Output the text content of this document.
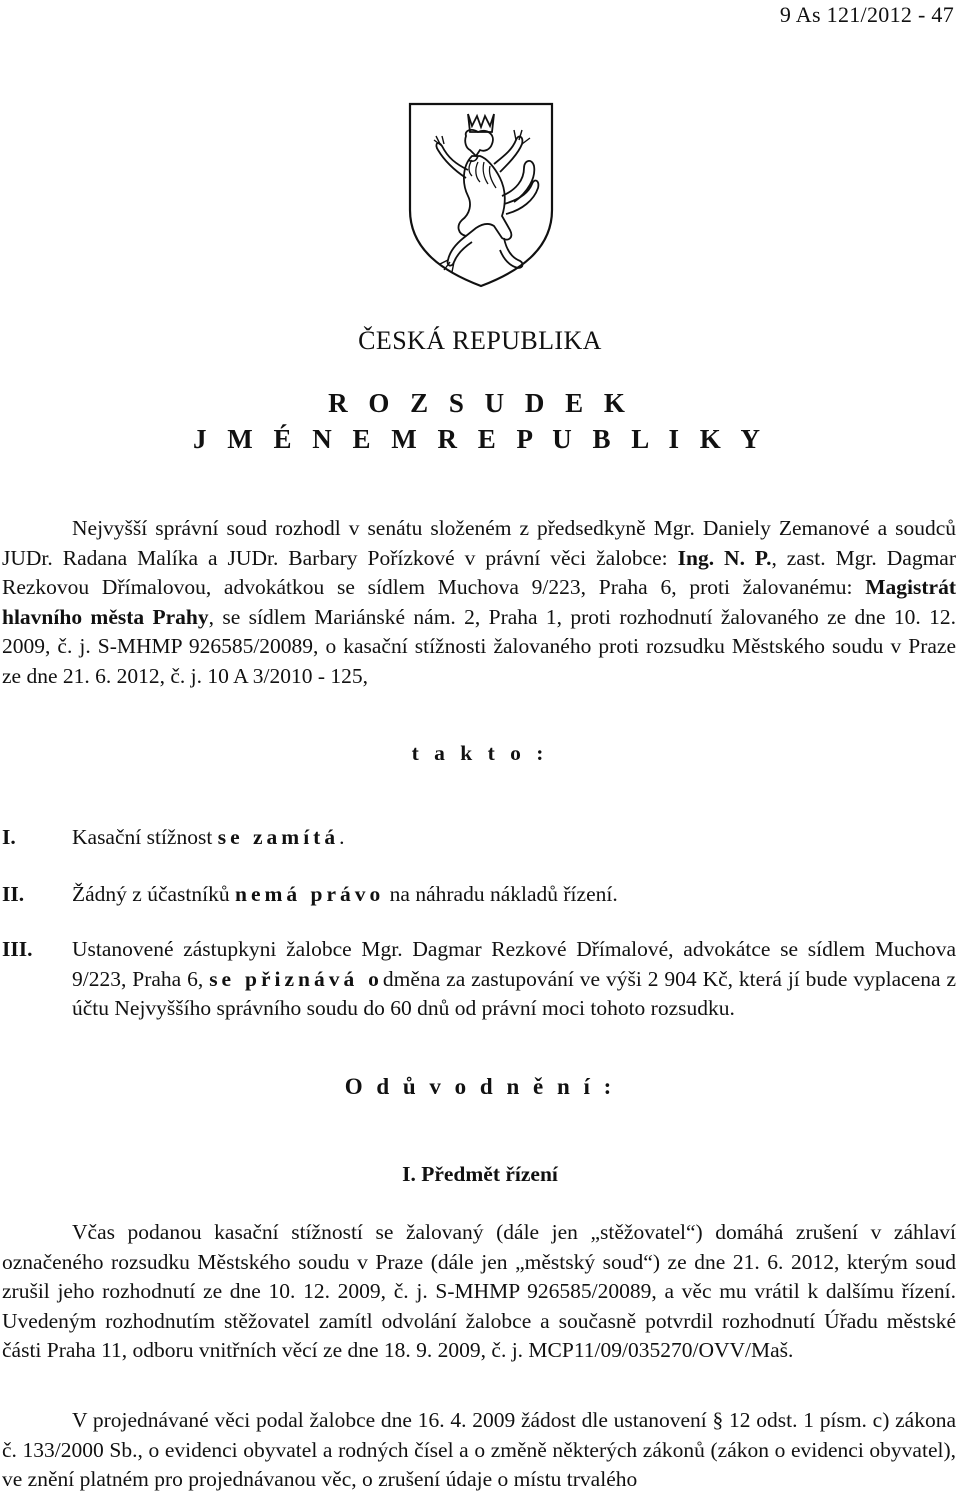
9 As 121/2012 - 47
ČESKÁ REPUBLIKA
R O Z S U D E K
J M É N E M R E P U B L I K Y
Nejvyšší správní soud rozhodl v senátu složeném z předsedkyně Mgr. Daniely Zemanové a soudců JUDr. Radana Malíka a JUDr. Barbary Pořízkové v právní věci žalobce: Ing. N. P., zast. Mgr. Dagmar Rezkovou Dřímalovou, advokátkou se sídlem Muchova 9/223, Praha 6, proti žalovanému: Magistrát hlavního města Prahy, se sídlem Mariánské nám. 2, Praha 1, proti rozhodnutí žalovaného ze dne 10. 12. 2009, č. j. S-MHMP 926585/20089, o kasační stížnosti žalovaného proti rozsudku Městského soudu v Praze ze dne 21. 6. 2012, č. j. 10 A 3/2010 - 125,
t a k t o :
I.	Kasační stížnost se zamítá.
II. Žádný z účastníků nemá právo na náhradu nákladů řízení.
III. Ustanovené zástupkyni žalobce Mgr. Dagmar Rezkové Dřímalové, advokátce se sídlem Muchova 9/223, Praha 6, se přiznává odměna za zastupování ve výši 2 904 Kč, která jí bude vyplacena z účtu Nejvyššího správního soudu do 60 dnů od právní moci tohoto rozsudku.
O d ů v o d n ě n í :
I. Předmět řízení
Včas podanou kasační stížností se žalovaný (dále jen „stěžovatel“) domáhá zrušení v záhlaví označeného rozsudku Městského soudu v Praze (dále jen „městský soud“) ze dne 21. 6. 2012, kterým soud zrušil jeho rozhodnutí ze dne 10. 12. 2009, č. j. S-MHMP 926585/20089, a věc mu vrátil k dalšímu řízení. Uvedeným rozhodnutím stěžovatel zamítl odvolání žalobce a současně potvrdil rozhodnutí Úřadu městské části Praha 11, odboru vnitřních věcí ze dne 18. 9. 2009, č. j. MCP11/09/035270/OVV/Maš.
V projednávané věci podal žalobce dne 16. 4. 2009 žádost dle ustanovení § 12 odst. 1 písm. c) zákona č. 133/2000 Sb., o evidenci obyvatel a rodných čísel a o změně některých zákonů (zákon o evidenci obyvatel), ve znění platném pro projednávanou věc, o zrušení údaje o místu trvalého
